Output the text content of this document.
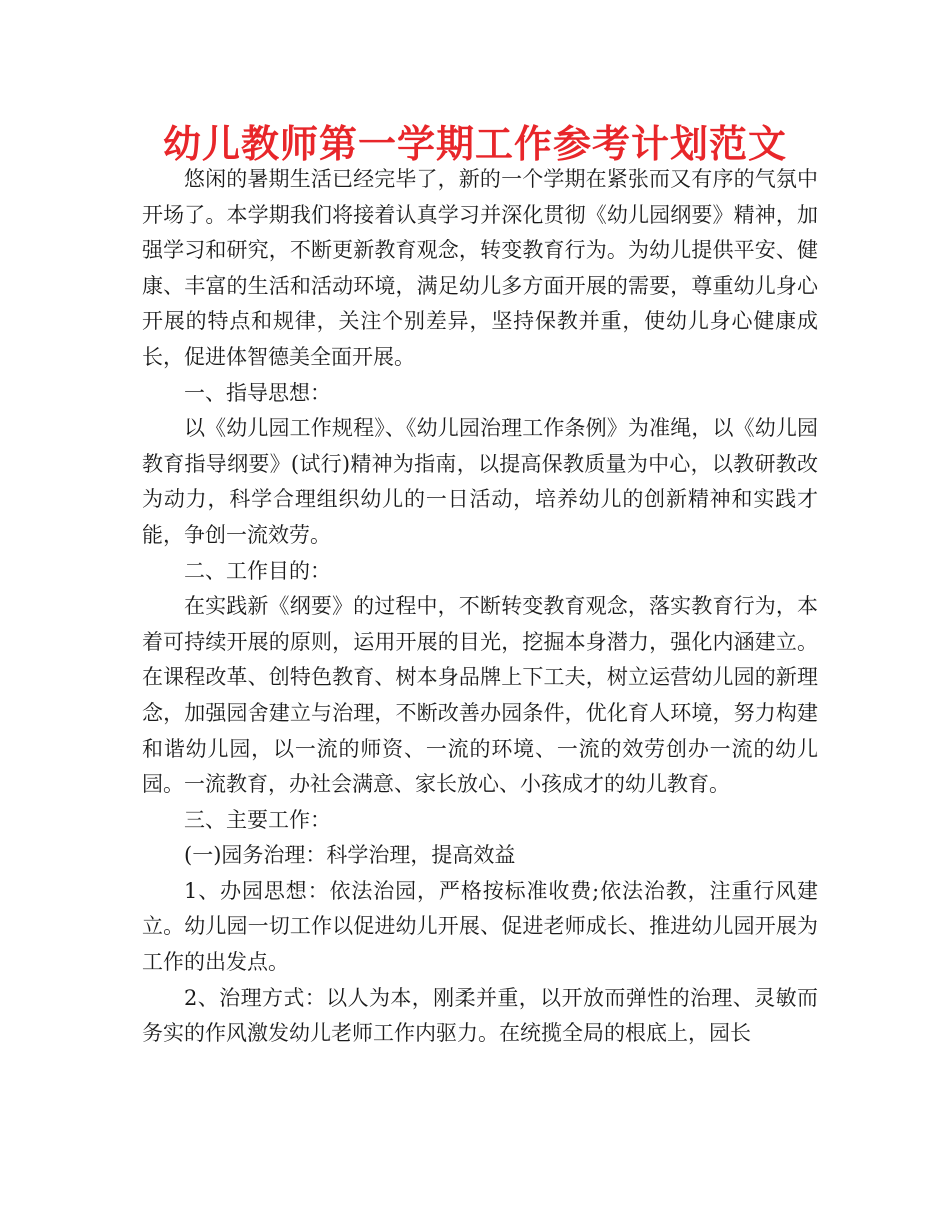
幼儿教师第一学期工作参考计划范文

悠闲的暑期生活已经完毕了，新的一个学期在紧张而又有序的气氛中开场了。本学期我们将接着认真学习并深化贯彻《幼儿园纲要》精神，加强学习和研究，不断更新教育观念，转变教育行为。为幼儿提供平安、健康、丰富的生活和活动环境，满足幼儿多方面开展的需要，尊重幼儿身心开展的特点和规律，关注个别差异，坚持保教并重，使幼儿身心健康成长，促进体智德美全面开展。

一、指导思想：

以《幼儿园工作规程》、《幼儿园治理工作条例》为准绳，以《幼儿园教育指导纲要》(试行)精神为指南，以提高保教质量为中心，以教研教改为动力，科学合理组织幼儿的一日活动，培养幼儿的创新精神和实践才能，争创一流效劳。

二、工作目的：

在实践新《纲要》的过程中，不断转变教育观念，落实教育行为，本着可持续开展的原则，运用开展的目光，挖掘本身潜力，强化内涵建立。在课程改革、创特色教育、树本身品牌上下工夫，树立运营幼儿园的新理念，加强园舍建立与治理，不断改善办园条件，优化育人环境，努力构建和谐幼儿园，以一流的师资、一流的环境、一流的效劳创办一流的幼儿园。一流教育，办社会满意、家长放心、小孩成才的幼儿教育。

三、主要工作：

(一)园务治理：科学治理，提高效益

1、办园思想：依法治园，严格按标准收费;依法治教，注重行风建立。幼儿园一切工作以促进幼儿开展、促进老师成长、推进幼儿园开展为工作的出发点。

2、治理方式：以人为本，刚柔并重，以开放而弹性的治理、灵敏而务实的作风激发幼儿老师工作内驱力。在统揽全局的根底上，园长
